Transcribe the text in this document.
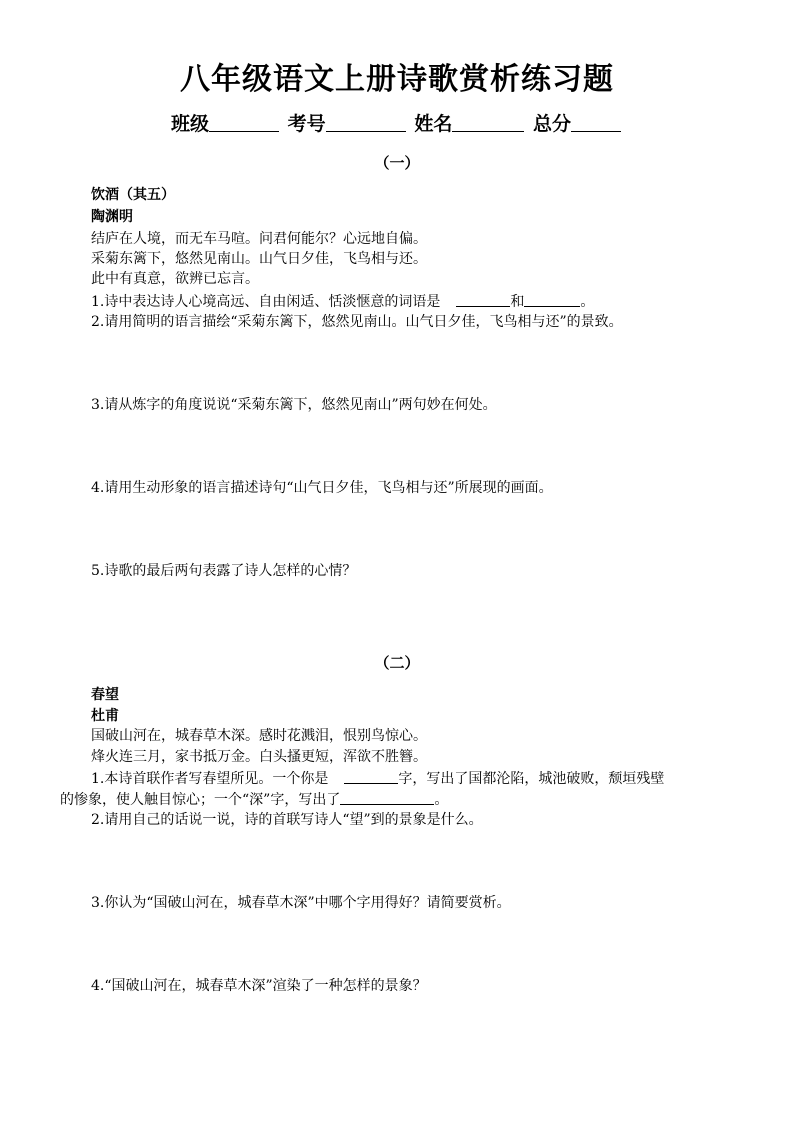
八年级语文上册诗歌赏析练习题
班级	考号	姓名	总分
（一）
饮酒（其五）
陶渊明
结庐在人境，而无车马喧。问君何能尔？心远地自偏。
采菊东篱下，悠然见南山。山气日夕佳，飞鸟相与还。
此中有真意，欲辨已忘言。
1.诗中表达诗人心境高远、自由闲适、恬淡惬意的词语是	和	。
2.请用简明的语言描绘“采菊东篱下，悠然见南山。山气日夕佳，飞鸟相与还”的景致。
3.请从炼字的角度说说“采菊东篱下，悠然见南山”两句妙在何处。
4.请用生动形象的语言描述诗句“山气日夕佳，飞鸟相与还”所展现的画面。
5.诗歌的最后两句表露了诗人怎样的心情？
（二）
春望
杜甫
国破山河在，城春草木深。感时花溅泪，恨别鸟惊心。
烽火连三月，家书抵万金。白头搔更短，浑欲不胜簪。
1.本诗首联作者写春望所见。一个你是	字，写出了国都沦陷，城池破败，颓垣残壁
的惨象，使人触目惊心；一个“深”字，写出了	。
2.请用自己的话说一说，诗的首联写诗人“望”到的景象是什么。
3.你认为“国破山河在，城春草木深”中哪个字用得好？请简要赏析。
4.“国破山河在，城春草木深”渲染了一种怎样的景象？
